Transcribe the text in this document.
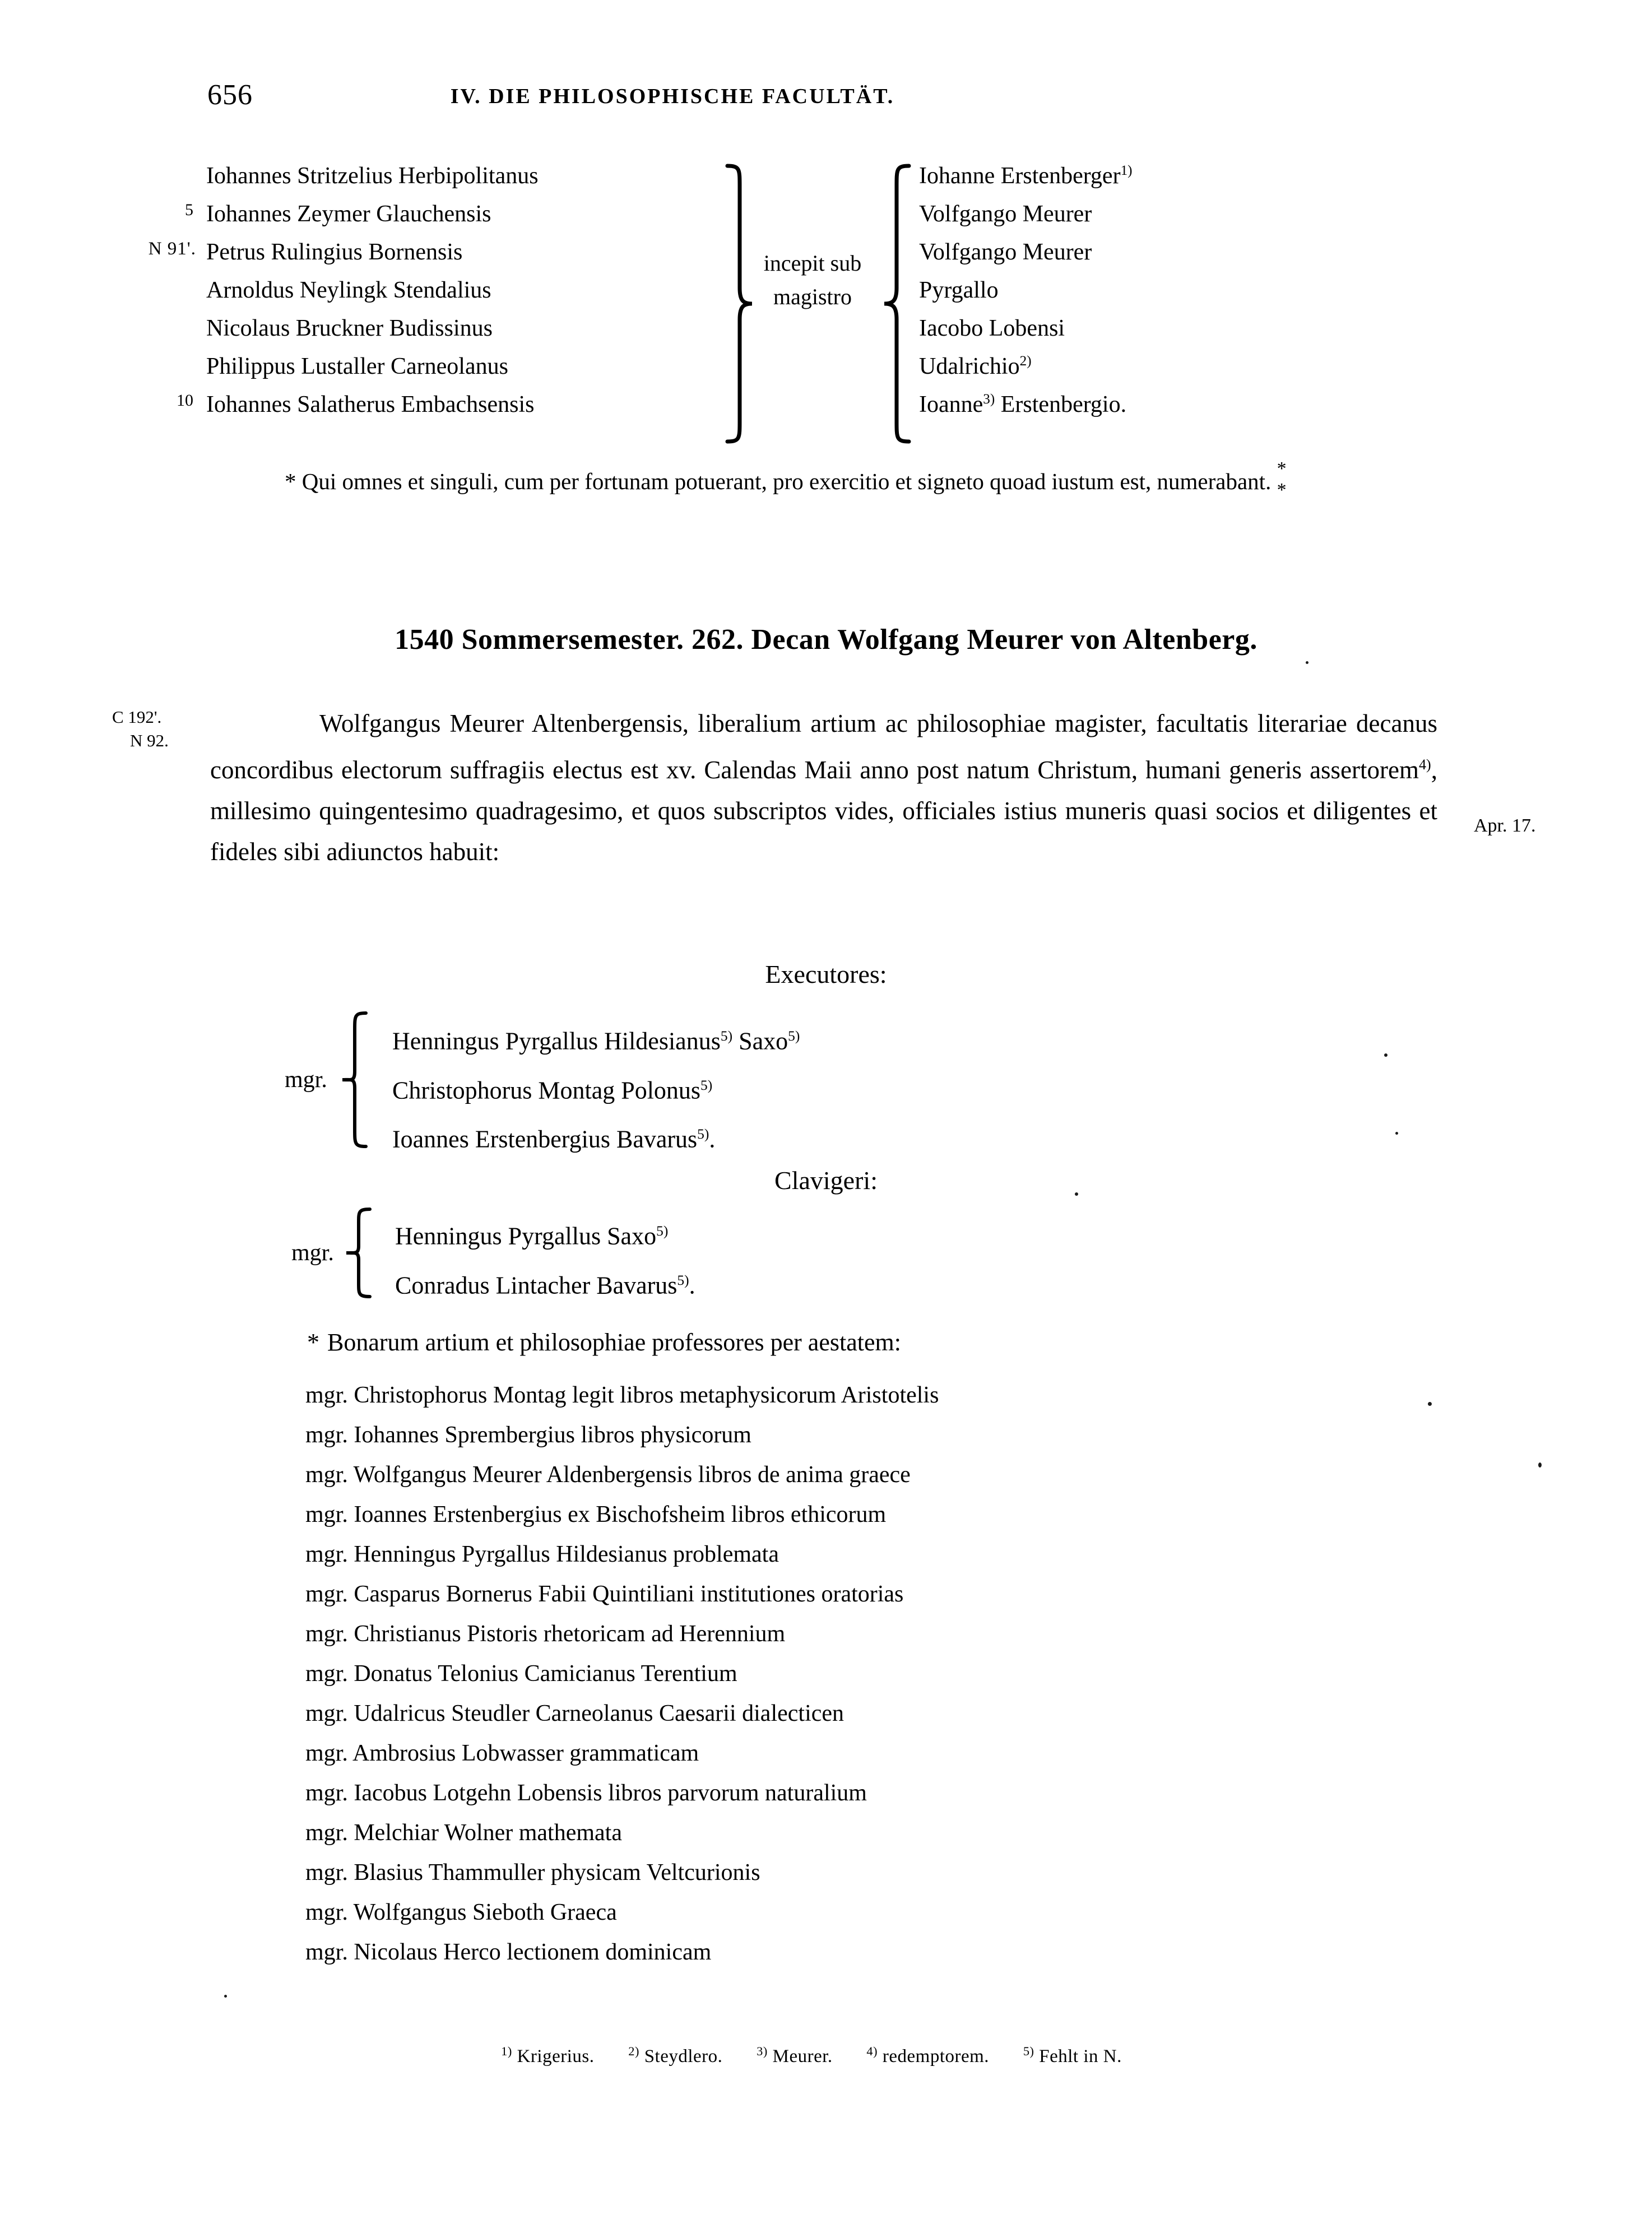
656	IV. DIE PHILOSOPHISCHE FACULTÄT.
Iohannes Stritzelius Herbipolitanus	Iohanne Erstenberger$^{1)}$
5 Iohannes Zeymer Glauchensis	Volfgango Meurer
N 91'. Petrus Rulingius Bornensis	Volfgango Meurer
Arnoldus Neylingk Stendalius	Pyrgallo
Nicolaus Bruckner Budissinus	Iacobo Lobensi
Philippus Lustaller Carneolanus	Udalrichio$^{2)}$
10 Iohannes Salatherus Embachsensis	Ioanne$^{3)}$ Erstenbergio.
incepit sub
magistro
* Qui omnes et singuli, cum per fortunam potuerant, pro exercitio et signeto quoad iustum est, numerabant. *
*
1540 Sommersemester. 262. Decan Wolfgang Meurer von Altenberg.
C 192'.
N 92.
Apr. 17.
Wolfgangus Meurer Altenbergensis, liberalium artium ac philosophiae magister, facultatis literariae decanus concordibus electorum suffragiis electus est xv. Calendas Maii anno post natum Christum, humani generis assertorem$^{4)}$, millesimo quingentesimo quadragesimo, et quos subscriptos vides, officiales istius muneris quasi socios et diligentes et fideles sibi adiunctos habuit:
Executores:
mgr.
Henningus Pyrgallus Hildesianus$^{5)}$ Saxo$^{5)}$
Christophorus Montag Polonus$^{5)}$
Ioannes Erstenbergius Bavarus$^{5)}$.
Clavigeri:
mgr.
Henningus Pyrgallus Saxo$^{5)}$
Conradus Lintacher Bavarus$^{5)}$.
* Bonarum artium et philosophiae professores per aestatem:
mgr. Christophorus Montag legit libros metaphysicorum Aristotelis
mgr. Iohannes Sprembergius libros physicorum
mgr. Wolfgangus Meurer Aldenbergensis libros de anima graece
mgr. Ioannes Erstenbergius ex Bischofsheim libros ethicorum
mgr. Henningus Pyrgallus Hildesianus problemata
mgr. Casparus Bornerus Fabii Quintiliani institutiones oratorias
mgr. Christianus Pistoris rhetoricam ad Herennium
mgr. Donatus Telonius Camicianus Terentium
mgr. Udalricus Steudler Carneolanus Caesarii dialecticen
mgr. Ambrosius Lobwasser grammaticam
mgr. Iacobus Lotgehn Lobensis libros parvorum naturalium
mgr. Melchiar Wolner mathemata
mgr. Blasius Thammuller physicam Veltcurionis
mgr. Wolfgangus Sieboth Graeca
mgr. Nicolaus Herco lectionem dominicam
$^{1)}$ Krigerius.	$^{2)}$ Steydlero.	$^{3)}$ Meurer.	$^{4)}$ redemptorem.	$^{5)}$ Fehlt in N.
